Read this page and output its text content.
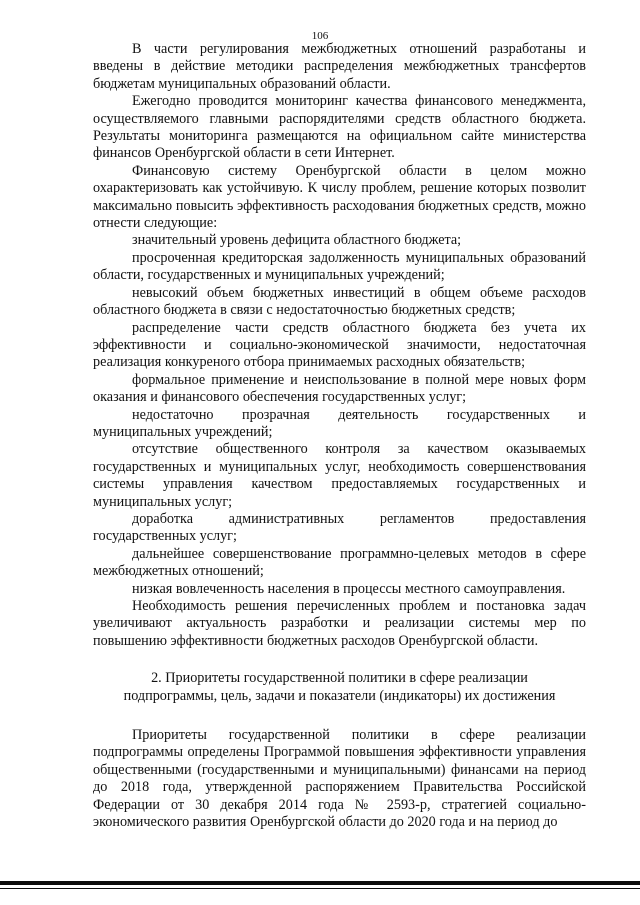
106

В части регулирования межбюджетных отношений разработаны и введены в действие методики распределения межбюджетных трансфертов бюджетам муниципальных образований области.

Ежегодно проводится мониторинг качества финансового менеджмента, осуществляемого главными распорядителями средств областного бюджета. Результаты мониторинга размещаются на официальном сайте министерства финансов Оренбургской области в сети Интернет.

Финансовую систему Оренбургской области в целом можно охарактеризовать как устойчивую. К числу проблем, решение которых позволит максимально повысить эффективность расходования бюджетных средств, можно отнести следующие:

значительный уровень дефицита областного бюджета;

просроченная кредиторская задолженность муниципальных образований области, государственных и муниципальных учреждений;

невысокий объем бюджетных инвестиций в общем объеме расходов областного бюджета в связи с недостаточностью бюджетных средств;

распределение части средств областного бюджета без учета их эффективности и социально-экономической значимости, недостаточная реализация конкуреного отбора принимаемых расходных обязательств;

формальное применение и неиспользование в полной мере новых форм оказания и финансового обеспечения государственных услуг;

недостаточно прозрачная деятельность государственных и муниципальных учреждений;

отсутствие общественного контроля за качеством оказываемых государственных и муниципальных услуг, необходимость совершенствования системы управления качеством предоставляемых государственных и муниципальных услуг;

доработка административных регламентов предоставления государственных услуг;

дальнейшее совершенствование программно-целевых методов в сфере межбюджетных отношений;

низкая вовлеченность населения в процессы местного самоуправления.

Необходимость решения перечисленных проблем и постановка задач увеличивают актуальность разработки и реализации системы мер по повышению эффективности бюджетных расходов Оренбургской области.

2. Приоритеты государственной политики в сфере реализации
подпрограммы, цель, задачи и показатели (индикаторы) их достижения

Приоритеты государственной политики в сфере реализации подпрограммы определены Программой повышения эффективности управления общественными (государственными и муниципальными) финансами на период до 2018 года, утвержденной распоряжением Правительства Российской Федерации от 30 декабря 2014 года № 2593-р, стратегией социально-экономического развития Оренбургской области до 2020 года и на период до
